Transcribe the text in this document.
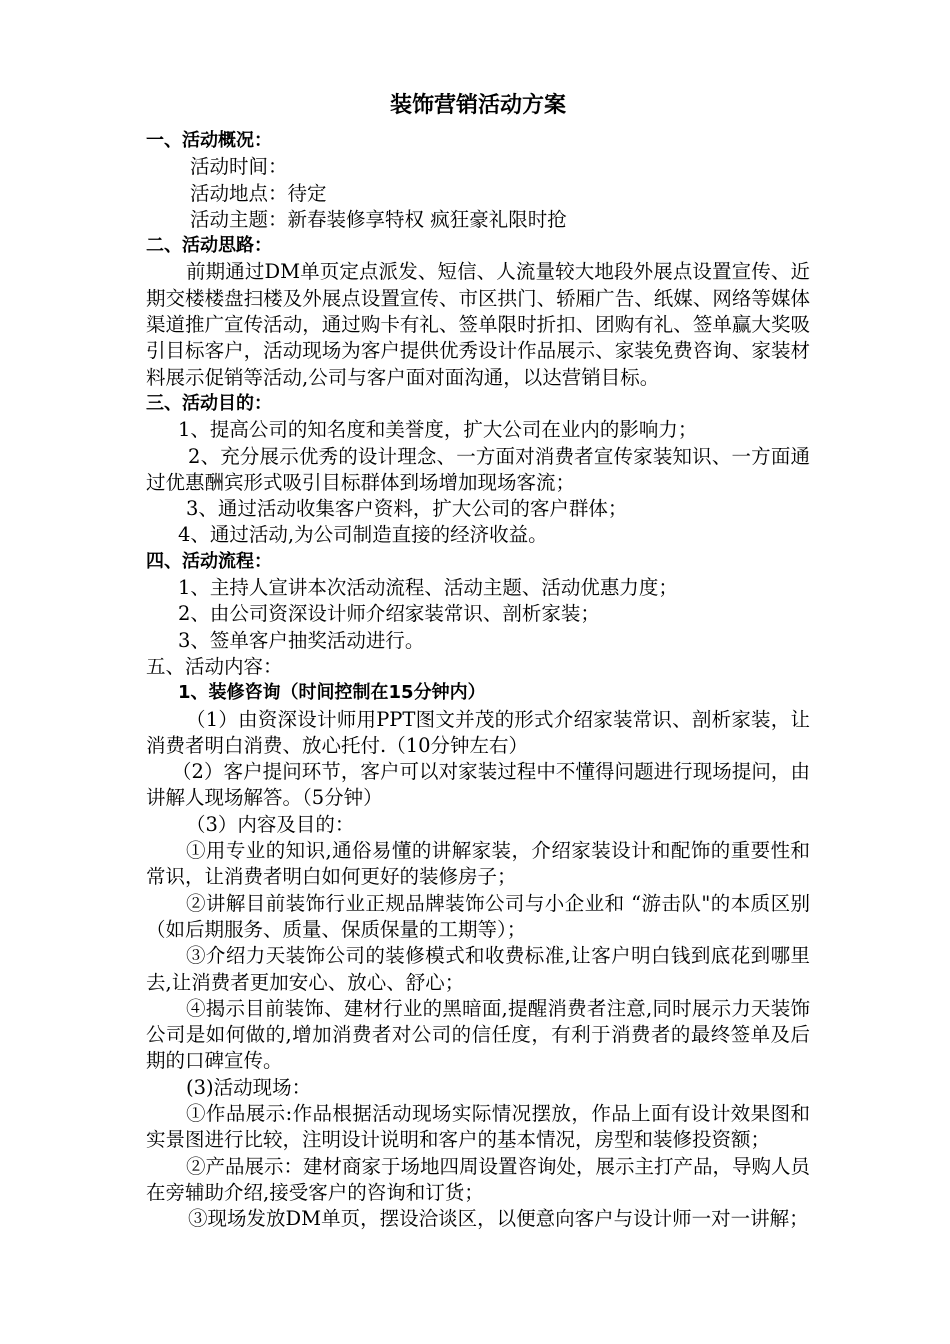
装饰营销活动方案
一、活动概况：
活动时间：
活动地点：待定
活动主题：新春装修享特权 疯狂豪礼限时抢
二、活动思路：
前期通过DM单页定点派发、短信、人流量较大地段外展点设置宣传、近期交楼楼盘扫楼及外展点设置宣传、市区拱门、轿厢广告、纸媒、网络等媒体渠道推广宣传活动，通过购卡有礼、签单限时折扣、团购有礼、签单赢大奖吸引目标客户，活动现场为客户提供优秀设计作品展示、家装免费咨询、家装材料展示促销等活动,公司与客户面对面沟通，以达营销目标。
三、活动目的：
1、提高公司的知名度和美誉度，扩大公司在业内的影响力；
2、充分展示优秀的设计理念、一方面对消费者宣传家装知识、一方面通过优惠酬宾形式吸引目标群体到场增加现场客流；
3、通过活动收集客户资料，扩大公司的客户群体；
4、通过活动,为公司制造直接的经济收益。
四、活动流程：
1、主持人宣讲本次活动流程、活动主题、活动优惠力度；
2、由公司资深设计师介绍家装常识、剖析家装；
3、签单客户抽奖活动进行。
五、活动内容：
1、装修咨询（时间控制在15分钟内）
（1）由资深设计师用PPT图文并茂的形式介绍家装常识、剖析家装，让消费者明白消费、放心托付.（10分钟左右）
（2）客户提问环节，客户可以对家装过程中不懂得问题进行现场提问，由讲解人现场解答。（5分钟）
（3）内容及目的：
①用专业的知识,通俗易懂的讲解家装，介绍家装设计和配饰的重要性和常识，让消费者明白如何更好的装修房子；
②讲解目前装饰行业正规品牌装饰公司与小企业和 “游击队"的本质区别（如后期服务、质量、保质保量的工期等）；
③介绍力天装饰公司的装修模式和收费标准,让客户明白钱到底花到哪里去,让消费者更加安心、放心、舒心；
④揭示目前装饰、建材行业的黑暗面,提醒消费者注意,同时展示力天装饰公司是如何做的,增加消费者对公司的信任度，有利于消费者的最终签单及后期的口碑宣传。
(3)活动现场：
①作品展示:作品根据活动现场实际情况摆放，作品上面有设计效果图和实景图进行比较，注明设计说明和客户的基本情况，房型和装修投资额；
②产品展示：建材商家于场地四周设置咨询处，展示主打产品，导购人员在旁辅助介绍,接受客户的咨询和订货；
③现场发放DM单页，摆设洽谈区，以便意向客户与设计师一对一讲解；
